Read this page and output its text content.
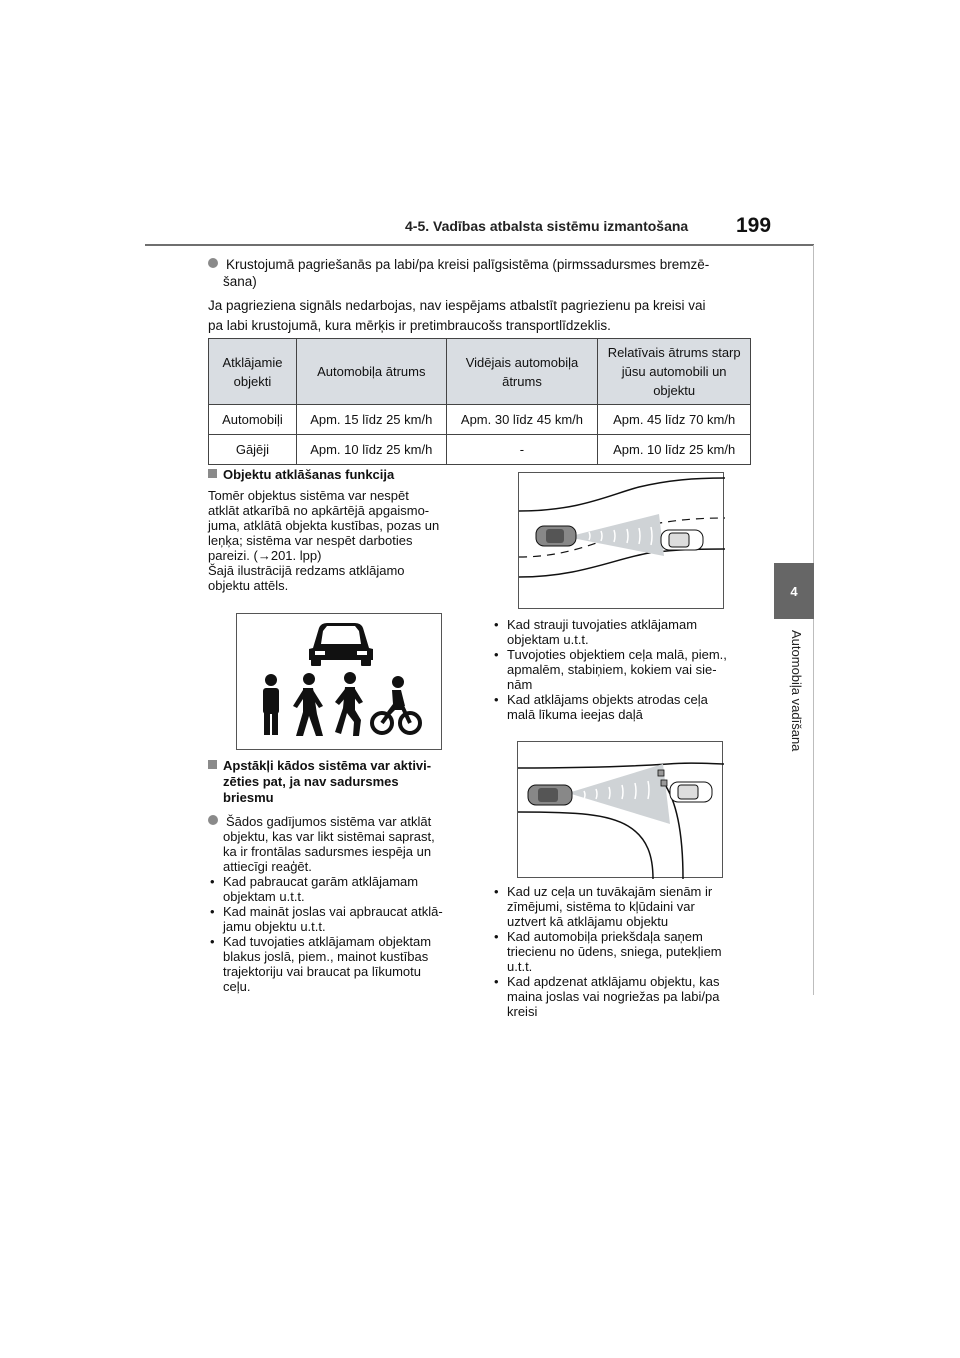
4-5. Vadības atbalsta sistēmu izmantošana 199
4
Automobiļa vadīšana
Krustojumā pagriešanās pa labi/pa kreisi palīgsistēma (pirmssadursmes bremzē-
šana)
Ja pagrieziena signāls nedarbojas, nav iespējams atbalstīt pagriezienu pa kreisi vai
pa labi krustojumā, kura mērķis ir pretimbraucošs transportlīdzeklis.
Atklājamie objekti	Automobiļa ātrums	Vidējais automobiļa ātrums	Relatīvais ātrums starp jūsu automobili un objektu
Automobiļi	Apm. 15 līdz 25 km/h	Apm. 30 līdz 45 km/h	Apm. 45 līdz 70 km/h
Gājēji	Apm. 10 līdz 25 km/h	-	Apm. 10 līdz 25 km/h
Objektu atklāšanas funkcija
Tomēr objektus sistēma var nespēt
atklāt atkarībā no apkārtējā apgaismo-
juma, atklātā objekta kustības, pozas un
leņķa; sistēma var nespēt darboties
pareizi. (→201. lpp)
Šajā ilustrācijā redzams atklājamo
objektu attēls.
Apstākļi kādos sistēma var aktivi-
zēties pat, ja nav sadursmes
briesmu
Šādos gadījumos sistēma var atklāt
objektu, kas var likt sistēmai saprast,
ka ir frontālas sadursmes iespēja un
attiecīgi reaģēt.
• Kad pabraucat garām atklājamam
objektam u.t.t.
• Kad maināt joslas vai apbraucat atklā-
jamu objektu u.t.t.
• Kad tuvojaties atklājamam objektam
blakus joslā, piem., mainot kustības
trajektoriju vai braucat pa līkumotu
ceļu.
• Kad strauji tuvojaties atklājamam
objektam u.t.t.
• Tuvojoties objektiem ceļa malā, piem.,
apmalēm, stabiņiem, kokiem vai sie-
nām
• Kad atklājams objekts atrodas ceļa
malā līkuma ieejas daļā
• Kad uz ceļa un tuvākajām sienām ir
zīmējumi, sistēma to kļūdaini var
uztvert kā atklājamu objektu
• Kad automobiļa priekšdaļa saņem
triecienu no ūdens, sniega, putekļiem
u.t.t.
• Kad apdzenat atklājamu objektu, kas
maina joslas vai nogriežas pa labi/pa
kreisi
